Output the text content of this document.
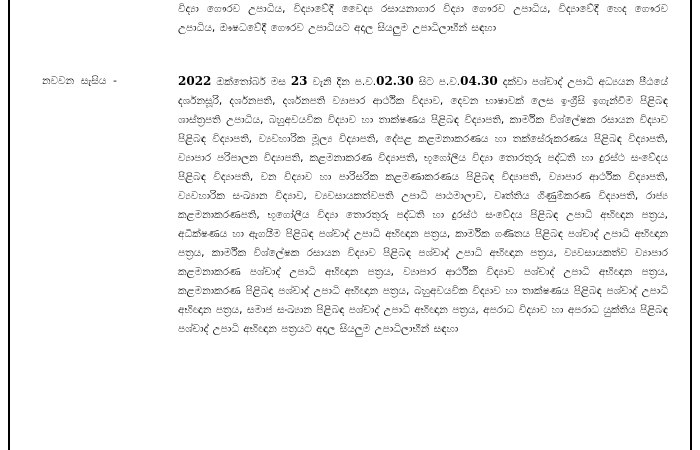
විද්‍යා ගෞරව උපාධිය, විද්‍යාවේදී වෛද්‍ය රසායනාගාර විද්‍යා ගෞරව උපාධිය, විද්‍යාවේදී හෙද ගෞරව උපාධිය, ඖෂධවේදී ගෞරව උපාධියට අදාල සියලුම උපාධිලාභීන් සඳහා
නවවන  සැසිය  -	2022 ඔක්තෝබර් මස 23 වැනි දින ප.ව.02.30 සිට ප.ව.04.30 දක්වා පශ්චාද් උපාධි අධ්‍යයන පීඨයේ දර්ශනසූරි, දර්ශනපති, දර්ශනපති ව්‍යාපාර ආර්ථික විද්‍යාව, දෙවන භාෂාවක් ලෙස ඉංග්‍රීසි ඉගැන්වීම පිළිබඳ ශාස්ත්‍රපති උපාධිය, බහුඅවයවික විද්‍යාව හා තාක්ෂණය පිළිබඳ විද්‍යාපති, කාර්මික විශ්ලේෂක රසායන විද්‍යාව පිළිබඳ විද්‍යාපති, ව්‍යවහාරික මූල්‍ය විද්‍යාපති, දේපළ කළමනාකරණය හා තක්සේරුකරණය පිළිබඳ විද්‍යාපති, ව්‍යාපාර පරිපාලන විද්‍යාපති, කළමනාකරණ විද්‍යාපති, භූගෝලීය විද්‍යා තොරතුරු පද්ධති හා දුරස්ථ සංවේදය පිළිබඳ විද්‍යාපති, වන විද්‍යාව හා පාරිසරික කළමණාකරණය පිළිබඳ විද්‍යාපති, ව්‍යාපාර ආර්ථික විද්‍යාපති, ව්‍යවහාරික සංඛ්‍යාන විද්‍යාව, ව්‍යවසායකත්වපති උපාධි පාඨමාලාව, වෘත්තිය ගිණුම්කරණ විද්‍යාපති, රාජ්‍ය කළමනාකරණපති, භූගෝලීය විද්‍යා තොරතුරු පද්ධති හා දුරස්ථ සංවේදය පිළිබඳ උපාධි අභිඥාන පත්‍රය, අධීක්ෂණය හා ඇගයීම පිළිබඳ පශ්චාද් උපාධි අභිඥාන පත්‍රය, කාර්මික ගණිතය පිළිබඳ පශ්චාද් උපාධි අභිඥාන පත්‍රය, කාර්මික විශ්ලේෂක රසායන විද්‍යාව පිළිබඳ පශ්චාද් උපාධි අභිඥාන පත්‍රය, ව්‍යවසායකත්ව ව්‍යාපාර කළමනාකරණ පශ්චාද් උපාධි අභිඥාන පත්‍රය, ව්‍යාපාර ආර්ථික විද්‍යාව පශ්චාද් උපාධි අභිඥාන පත්‍රය, කළමනාකරණ පිළිබඳ පශ්චාද් උපාධි අභිඥාන පත්‍රය, බහුඅවයවික විද්‍යාව හා තාක්ෂණය පිළිබඳ පශ්චාද් උපාධි අභිඥාන පත්‍රය, සමාජ සංඛ්‍යාන පිළිබඳ පශ්චාද් උපාධි අභිඥාන පත්‍රය, අපරාධ විද්‍යාව හා අපරාධ යුක්තිය පිළිබඳ පශ්චාද් උපාධි අභිඥාන පත්‍රයට අදාල සියලුම උපාධිලාභීන් සඳහා
